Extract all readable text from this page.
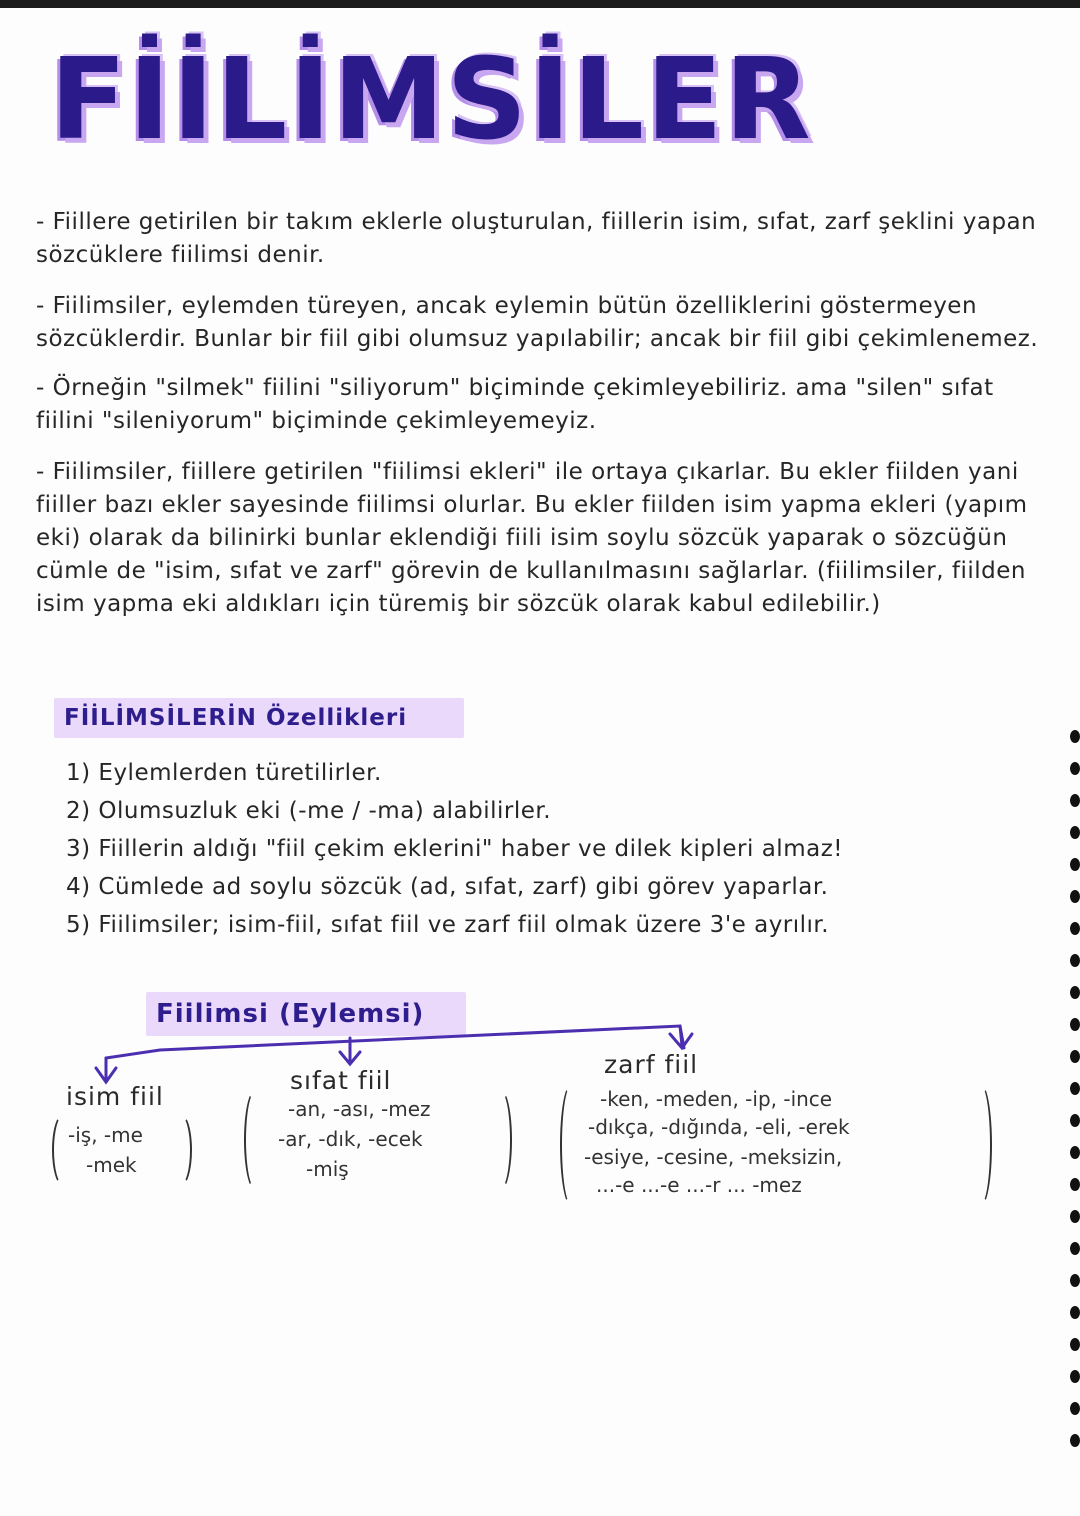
FİİLİMSİLER
- Fiillere getirilen bir takım eklerle oluşturulan, fiillerin isim, sıfat, zarf şeklini yapan sözcüklere fiilimsi denir.
- Fiilimsiler, eylemden türeyen, ancak eylemin bütün özelliklerini göstermeyen sözcüklerdir. Bunlar bir fiil gibi olumsuz yapılabilir; ancak bir fiil gibi çekimlenemez.
- Örneğin "silmek" fiilini "siliyorum" biçiminde çekimleyebiliriz. ama "silen" sıfat fiilini "sileniyorum" biçiminde çekimleyemeyiz.
- Fiilimsiler, fiillere getirilen "fiilimsi ekleri" ile ortaya çıkarlar. Bu ekler fiilden yani fiiller bazı ekler sayesinde fiilimsi olurlar. Bu ekler fiilden isim yapma ekleri (yapım eki) olarak da bilinirki bunlar eklendiği fiili isim soylu sözcük yaparak o sözcüğün cümle de "isim, sıfat ve zarf" görevin de kullanılmasını sağlarlar. (fiilimsiler, fiilden isim yapma eki aldıkları için türemiş bir sözcük olarak kabul edilebilir.)
FİİLİMSİLERİN Özellikleri
1) Eylemlerden türetilirler.
2) Olumsuzluk eki (-me / -ma) alabilirler.
3) Fiillerin aldığı "fiil çekim eklerini" haber ve dilek kipleri almaz!
4) Cümlede ad soylu sözcük (ad, sıfat, zarf) gibi görev yaparlar.
5) Fiilimsiler; isim-fiil, sıfat fiil ve zarf fiil olmak üzere 3'e ayrılır.
Fiilimsi (Eylemsi)
isim fiil
sıfat fiil
zarf fiil
-iş, -me
-mek
-an, -ası, -mez
-ar, -dık, -ecek
-miş
-ken, -meden, -ip, -ince
-dıkça, -dığında, -eli, -erek
-esiye, -cesine, -meksizin,
...-e ...-e ...-r ... -mez
